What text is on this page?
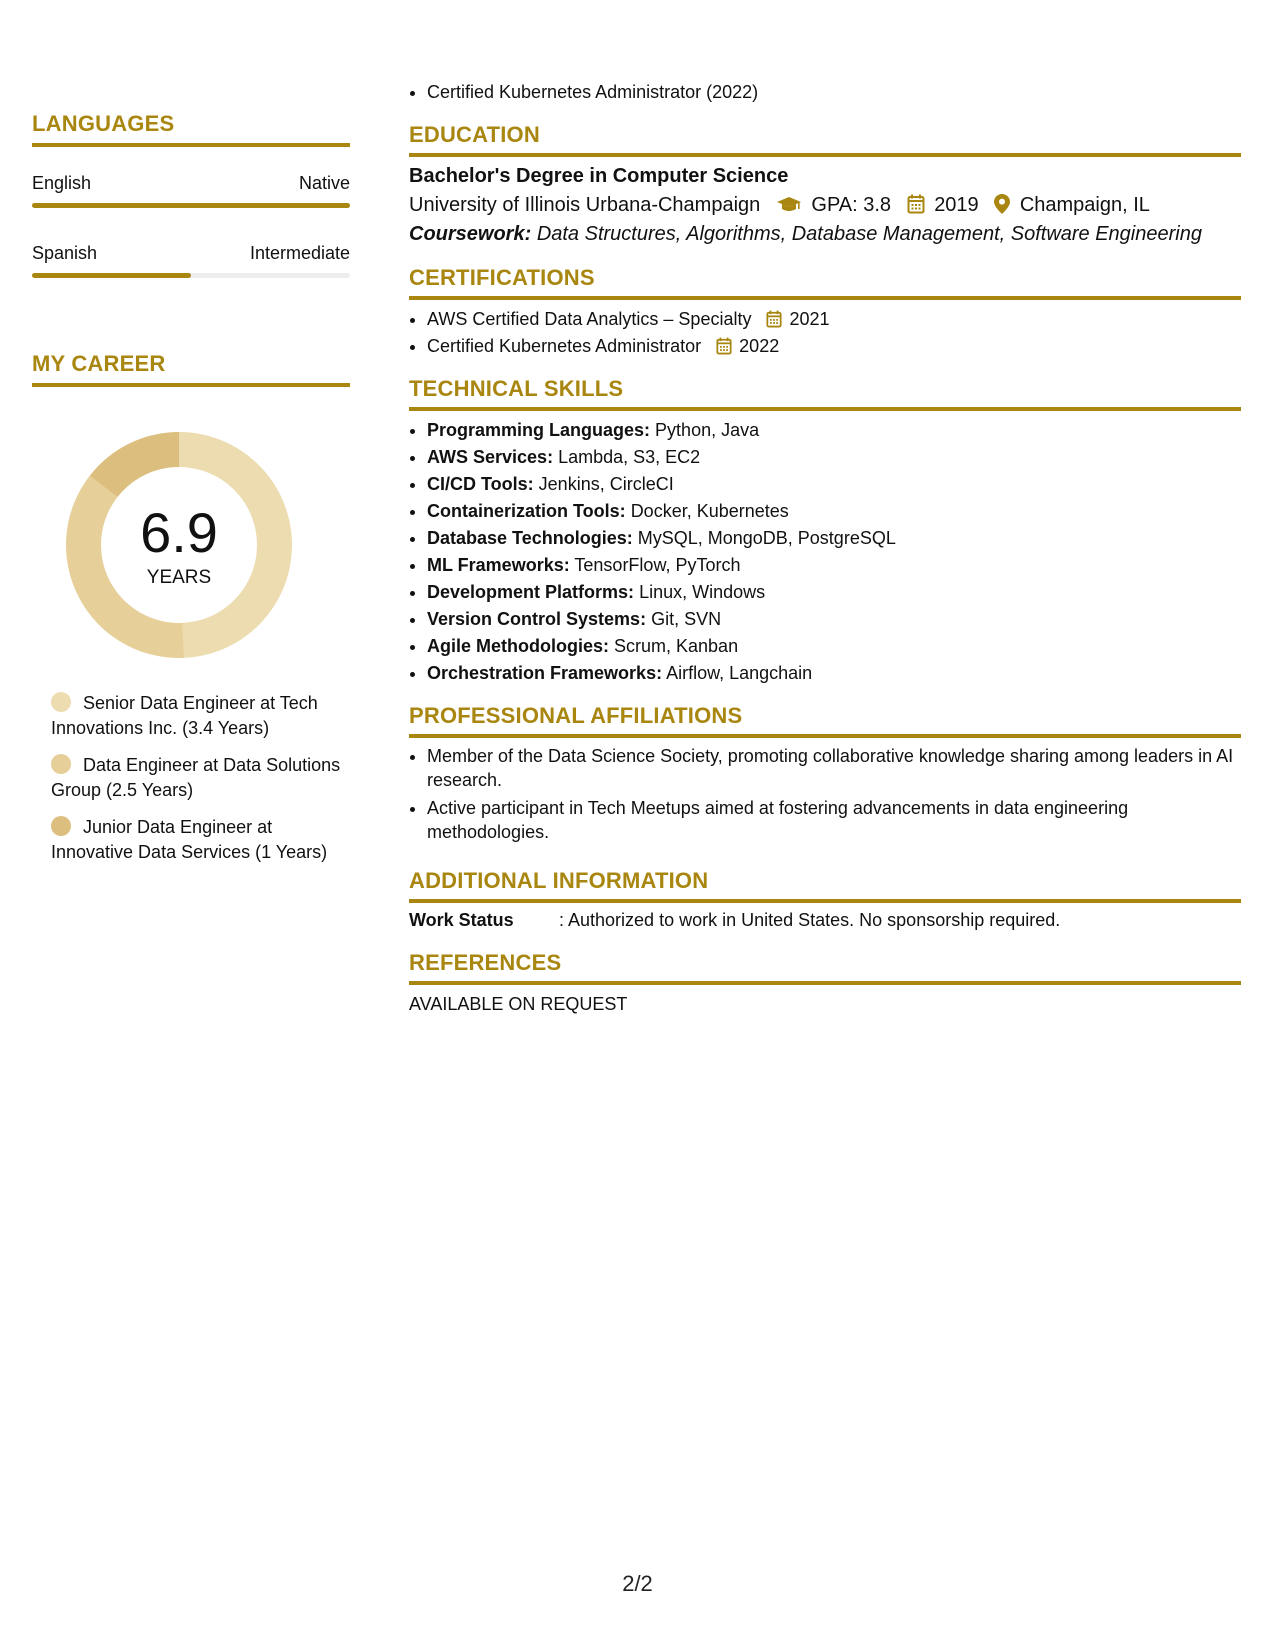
LANGUAGES
English	Native
Spanish	Intermediate
MY CAREER
6.9
YEARS
Senior Data Engineer at Tech Innovations Inc. (3.4 Years)
Data Engineer at Data Solutions Group (2.5 Years)
Junior Data Engineer at Innovative Data Services (1 Years)
• Certified Kubernetes Administrator (2022)
EDUCATION
Bachelor's Degree in Computer Science
University of Illinois Urbana-Champaign	GPA: 3.8 2019 Champaign, IL
Coursework: Data Structures, Algorithms, Database Management, Software Engineering
CERTIFICATIONS
• AWS Certified Data Analytics – Specialty 2021
• Certified Kubernetes Administrator 2022
TECHNICAL SKILLS
• Programming Languages: Python, Java
• AWS Services: Lambda, S3, EC2
• CI/CD Tools: Jenkins, CircleCI
• Containerization Tools: Docker, Kubernetes
• Database Technologies: MySQL, MongoDB, PostgreSQL
• ML Frameworks: TensorFlow, PyTorch
• Development Platforms: Linux, Windows
• Version Control Systems: Git, SVN
• Agile Methodologies: Scrum, Kanban
• Orchestration Frameworks: Airflow, Langchain
PROFESSIONAL AFFILIATIONS
• Member of the Data Science Society, promoting collaborative knowledge sharing among leaders in AI research.
• Active participant in Tech Meetups aimed at fostering advancements in data engineering methodologies.
ADDITIONAL INFORMATION
Work Status	: Authorized to work in United States. No sponsorship required.
REFERENCES
AVAILABLE ON REQUEST
2/2
